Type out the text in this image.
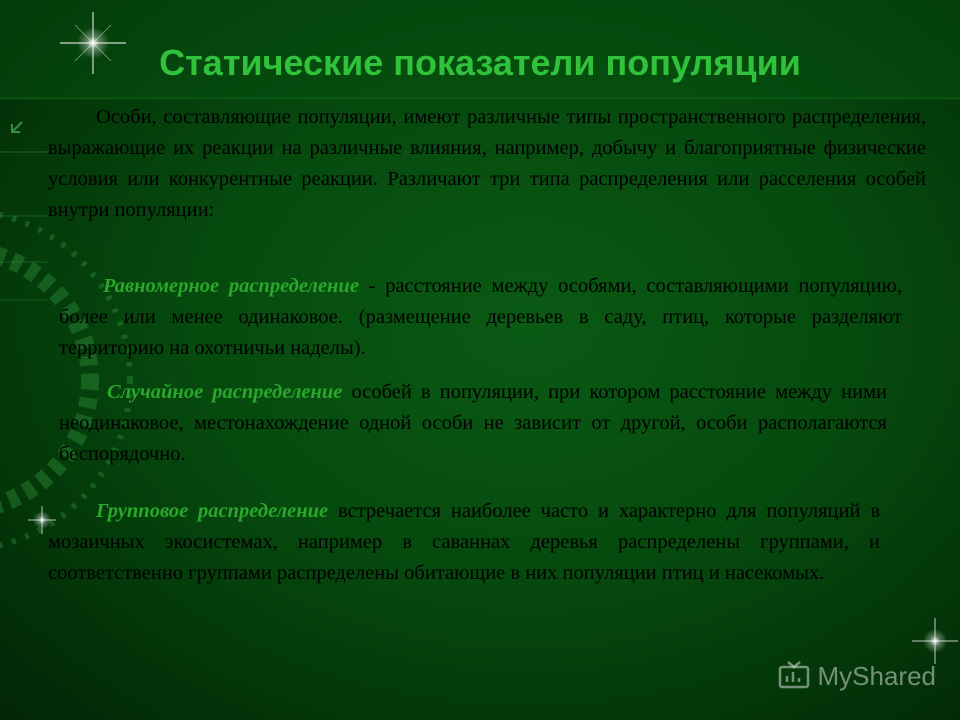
Статические показатели популяции

Особи, составляющие популяции, имеют различные типы пространственного распределения, выражающие их реакции на различные влияния, например, добычу и благоприятные физические условия или конкурентные реакции. Различают три типа распределения или расселения особей внутри популяции:

Равномерное распределение - расстояние между особями, составляющими популяцию, более или менее одинаковое. (размещение деревьев в саду, птиц, которые разделяют территорию на охотничьи наделы).

Случайное распределение особей в популяции, при котором расстояние между ними неодинаковое, местонахождение одной особи не зависит от другой, особи располагаются беспорядочно.

Групповое распределение встречается наиболее часто и характерно для популяций в мозаичных экосистемах, например в саваннах деревья распределены группами, и соответственно группами распределены обитающие в них популяции птиц и насекомых.

MyShared
